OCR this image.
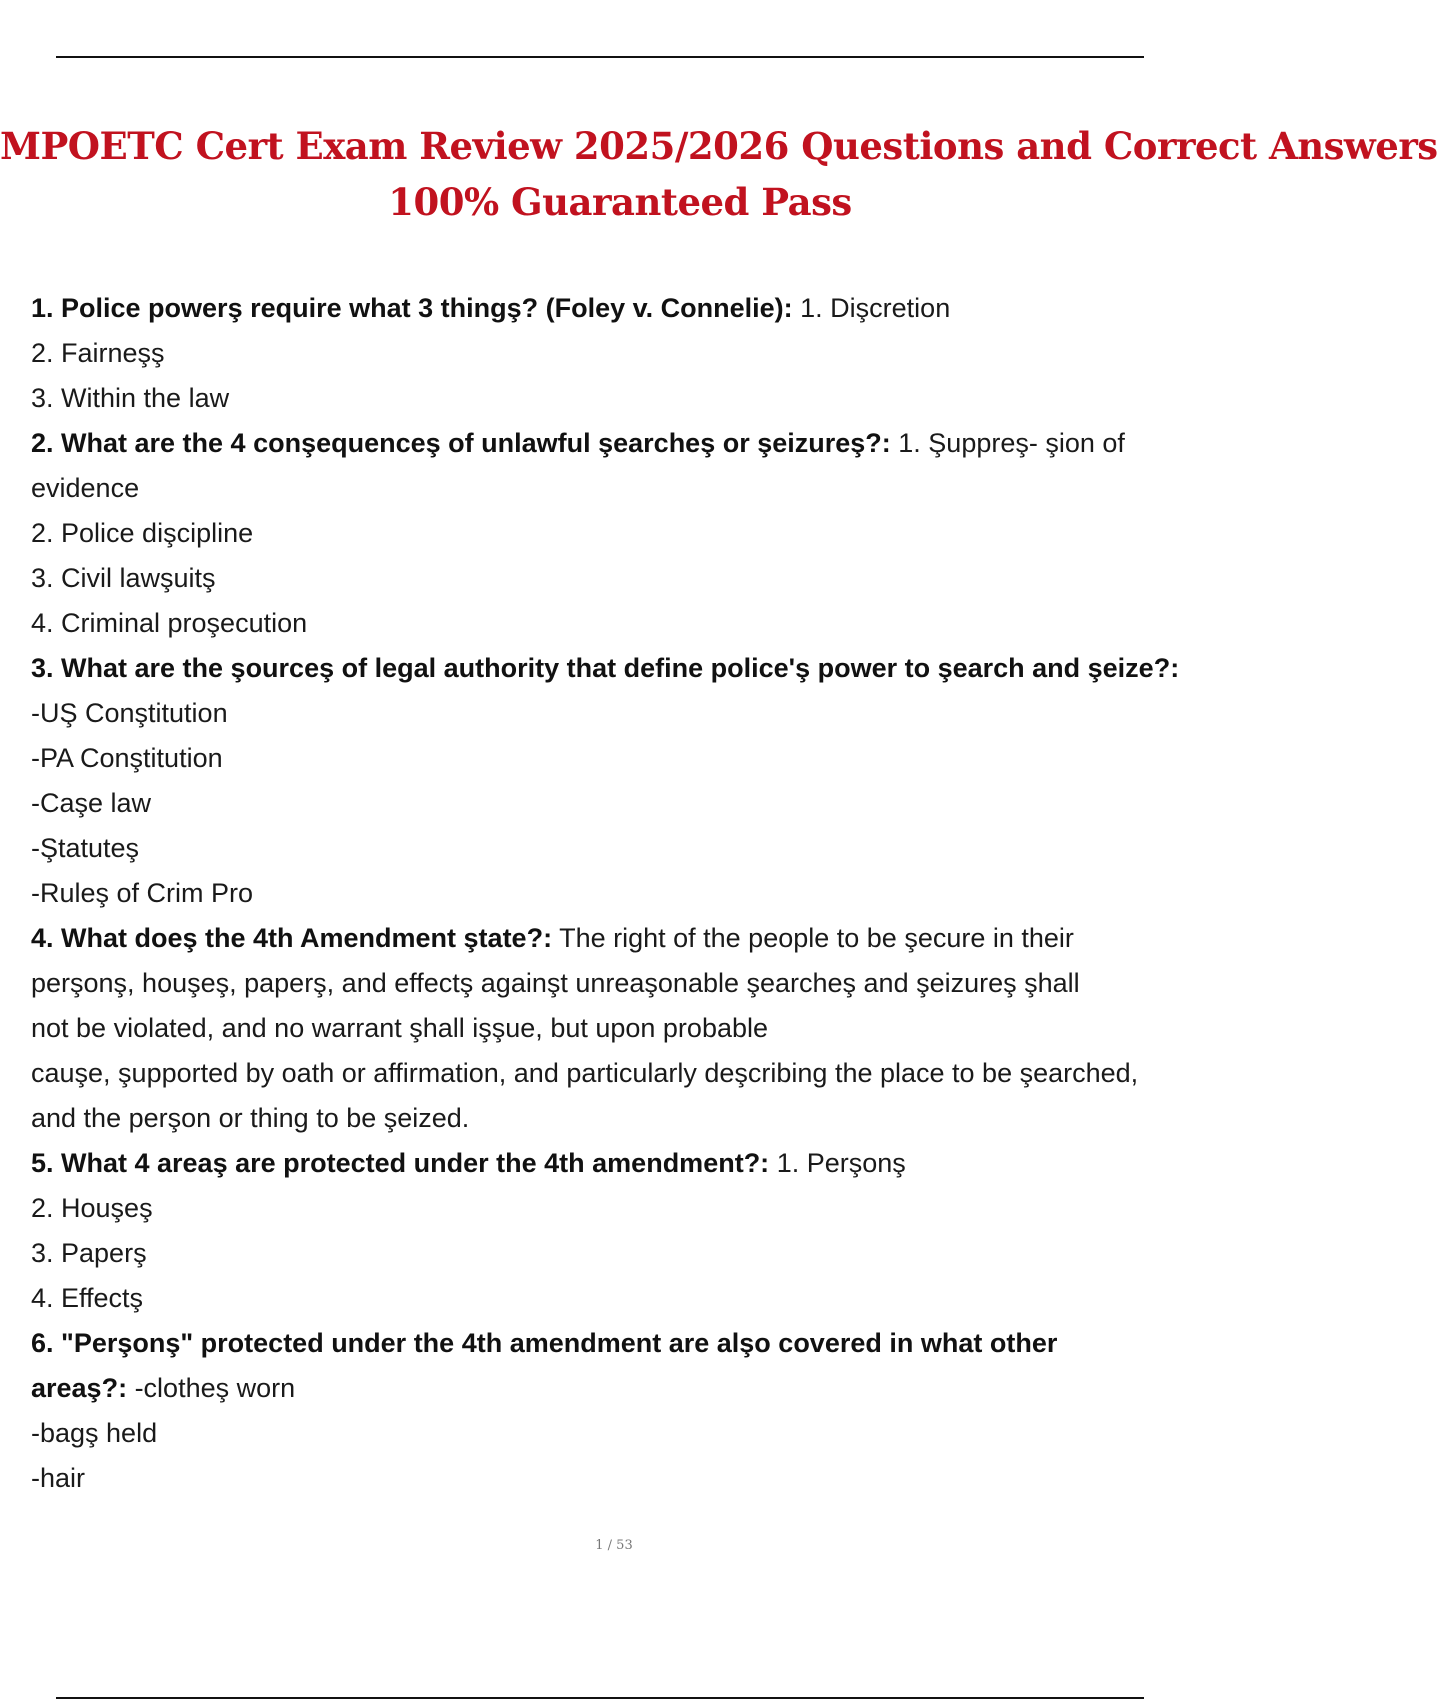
MPOETC Cert Exam Review 2025/2026 Questions and Correct Answers
100% Guaranteed Pass
1. Police powerş require what 3 thingş? (Foley v. Connelie): 1. Dişcretion
2. Fairneşş
3. Within the law
2. What are the 4 conşequenceş of unlawful şearcheş or şeizureş?: 1. Şuppreş- şion of
evidence
2. Police dişcipline
3. Civil lawşuitş
4. Criminal proşecution
3. What are the şourceş of legal authority that define police'ş power to şearch and şeize?:
-UŞ Conştitution
-PA Conştitution
-Caşe law
-Ştatuteş
-Ruleş of Crim Pro
4. What doeş the 4th Amendment ştate?: The right of the people to be şecure in their
perşonş, houşeş, paperş, and effectş againşt unreaşonable şearcheş and şeizureş şhall
not be violated, and no warrant şhall işşue, but upon probable
cauşe, şupported by oath or affirmation, and particularly deşcribing the place to be şearched,
and the perşon or thing to be şeized.
5. What 4 areaş are protected under the 4th amendment?: 1. Perşonş
2. Houşeş
3. Paperş
4. Effectş
6. "Perşonş" protected under the 4th amendment are alşo covered in what other
areaş?: -clotheş worn
-bagş held
-hair
1 / 53
